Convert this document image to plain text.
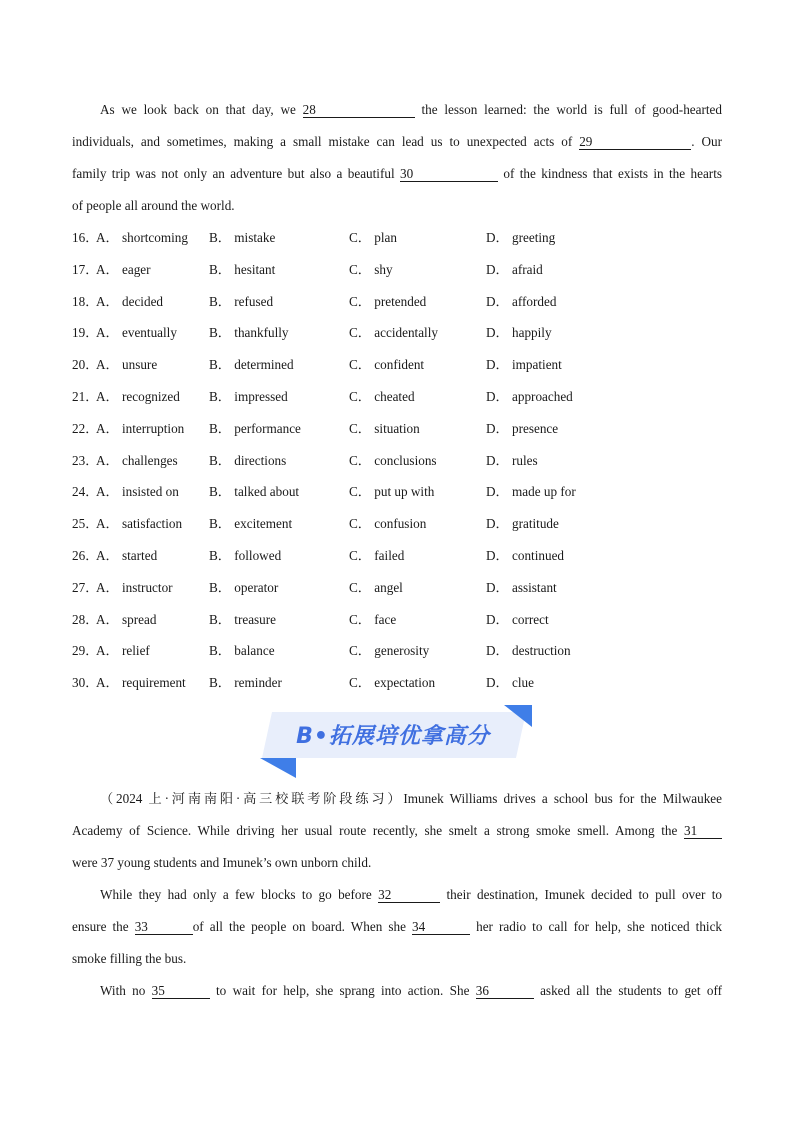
As we look back on that day, we 28	the lesson learned: the world is full of good-hearted
individuals, and sometimes, making a small mistake can lead us to unexpected acts of 29	. Our
family trip was not only an adventure but also a beautiful 30	of the kindness that exists in the hearts
of people all around the world.
16．
A． shortcoming B． mistake	C． plan	D． greeting
17．
A． eager	B． hesitant	C． shy	D． afraid
18．
A． decided	B． refused	C． pretended	D． afforded
19．
A． eventually B． thankfully	C． accidentally	D． happily
20．
A． unsure	B． determined	C． confident	D． impatient
21．
A． recognized B． impressed	C． cheated	D． approached
22．
A． interruption B． performance	C． situation	D． presence
23．
A． challenges B． directions	C． conclusions	D． rules
24．
A． insisted on B． talked about	C． put up with	D． made up for
25．
A． satisfaction B． excitement	C． confusion	D． gratitude
26．
A． started	B． followed	C． failed	D． continued
27．
A． instructor	B． operator	C． angel	D． assistant
28．
A． spread	B． treasure	C． face	D． correct
29．
A． relief	B． balance	C． generosity	D． destruction
30．
A． requirement B． reminder	C． expectation	D． clue
B•拓展培优拿高分
（2024 上·河南南阳·高三校联考阶段练习）Imunek Williams drives a school bus for the Milwaukee
Academy of Science. While driving her usual route recently, she smelt a strong smoke smell. Among the 31
were 37 young students and Imunek’s own unborn child.
While they had only a few blocks to go before 32	their destination, Imunek decided to pull over to
ensure the 33	of all the people on board. When she 34	her radio to call for help, she noticed thick
smoke filling the bus.
With no 35	to wait for help, she sprang into action. She 36	asked all the students to get off
